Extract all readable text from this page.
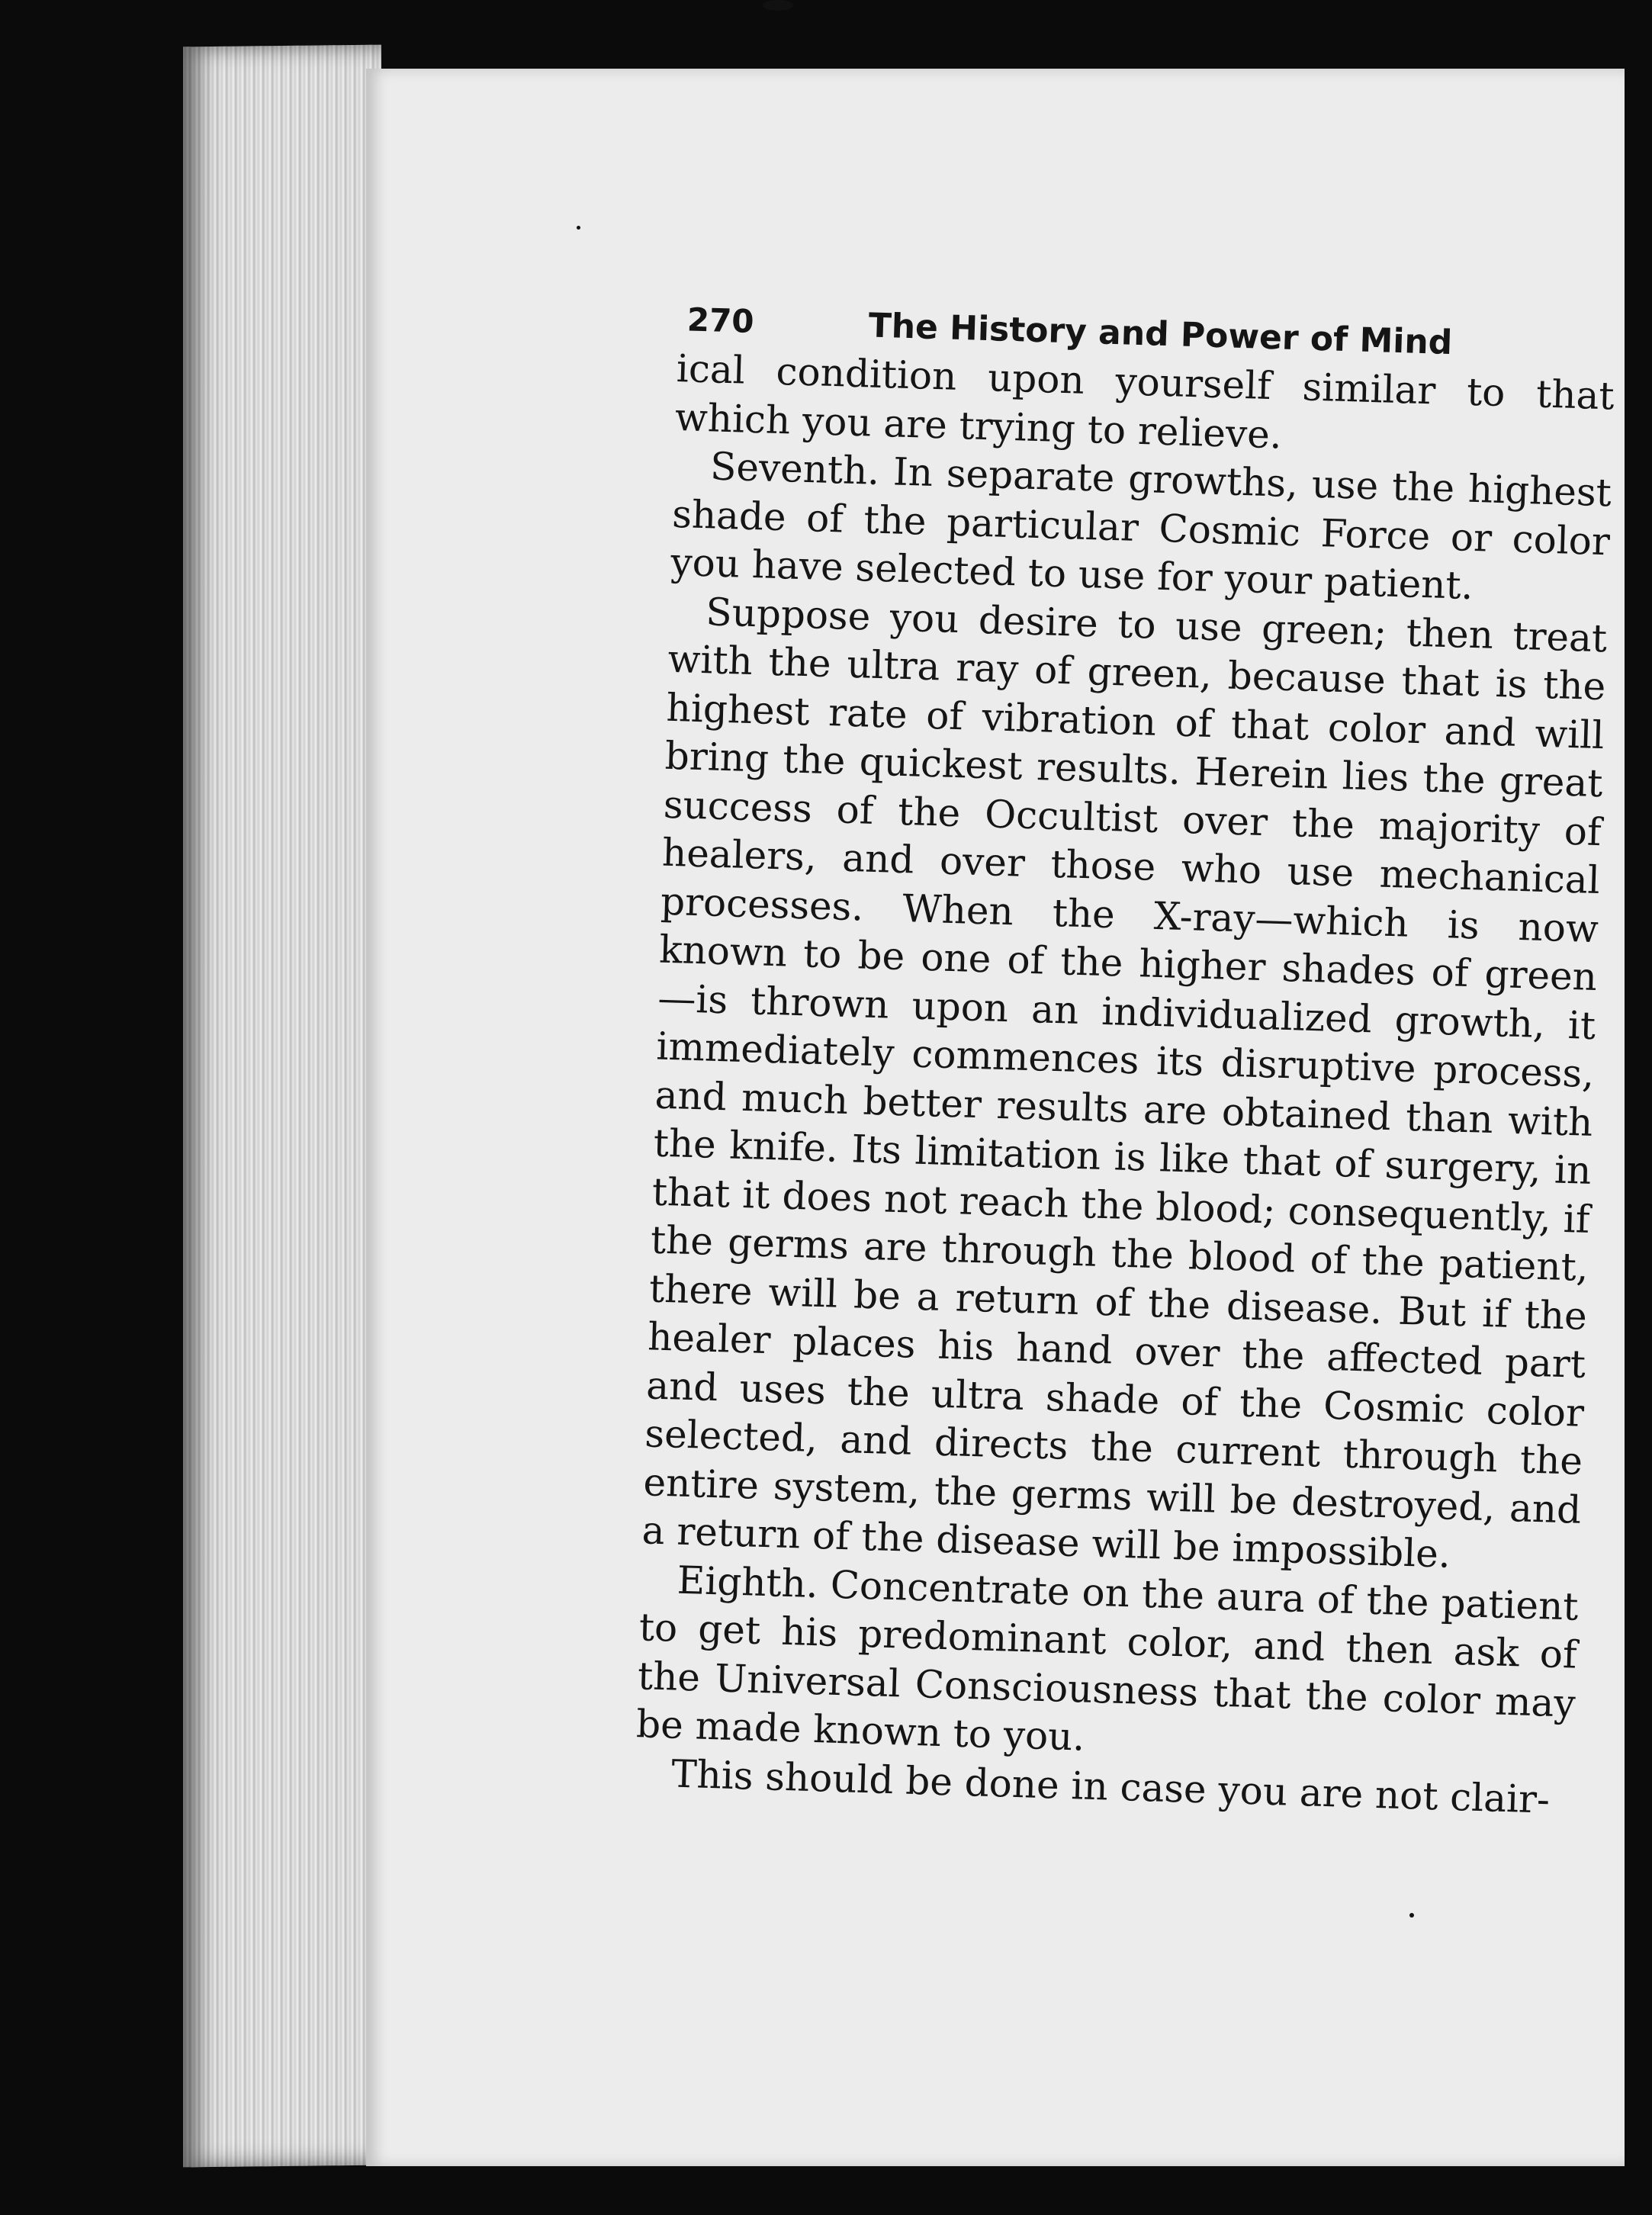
270	The History and Power of Mind

ical condition upon yourself similar to that which you are trying to relieve.

Seventh. In separate growths, use the highest shade of the particular Cosmic Force or color you have selected to use for your patient.

Suppose you desire to use green; then treat with the ultra ray of green, because that is the highest rate of vibration of that color and will bring the quickest results. Herein lies the great success of the Occultist over the majority of healers, and over those who use mechanical processes. When the X-ray—which is now known to be one of the higher shades of green—is thrown upon an individualized growth, it immediately commences its disruptive process, and much better results are obtained than with the knife. Its limitation is like that of surgery, in that it does not reach the blood; consequently, if the germs are through the blood of the patient, there will be a return of the disease. But if the healer places his hand over the affected part and uses the ultra shade of the Cosmic color selected, and directs the current through the entire system, the germs will be destroyed, and a return of the disease will be impossible.

Eighth. Concentrate on the aura of the patient to get his predominant color, and then ask of the Universal Consciousness that the color may be made known to you.

This should be done in case you are not clair-
